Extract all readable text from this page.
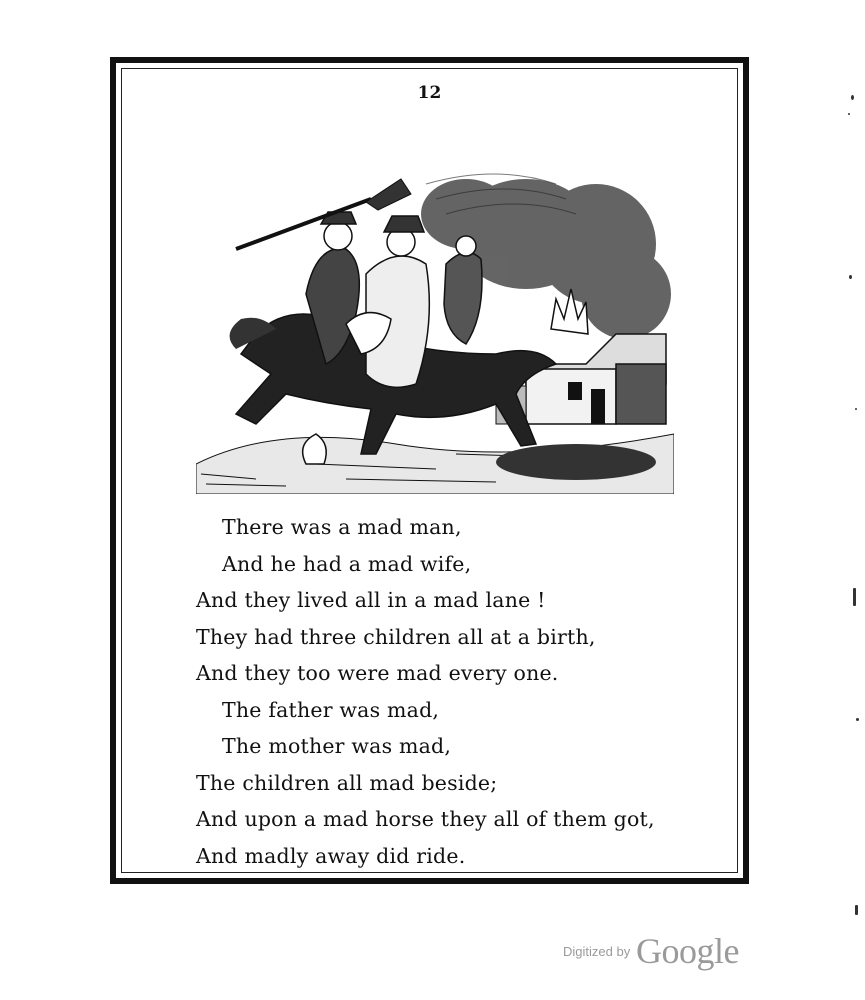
12
There was a mad man,
And he had a mad wife,
And they lived all in a mad lane !
They had three children all at a birth,
And they too were mad every one.
The father was mad,
The mother was mad,
The children all mad beside;
And upon a mad horse they all of them got,
And madly away did ride.
Digitized by Google
